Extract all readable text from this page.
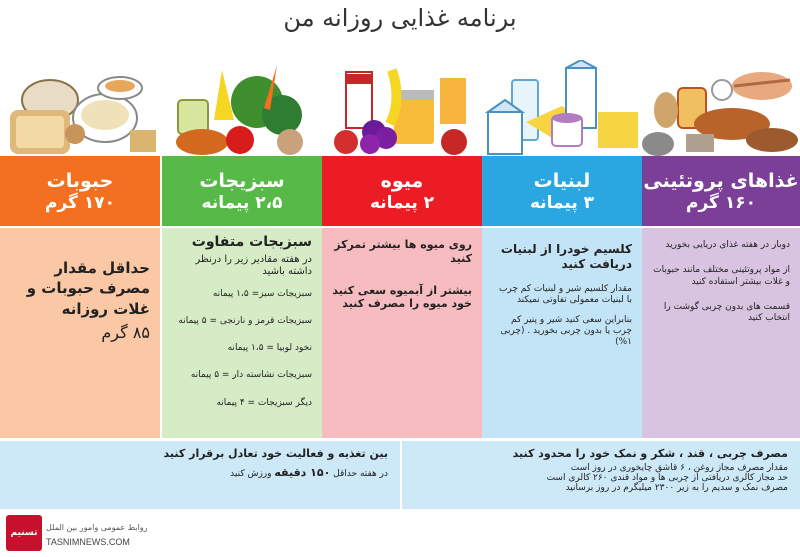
برنامه غذایی روزانه من
حبوبات
۱۷۰ گرم
سبزیجات
۲،۵ پیمانه
میوه
۲ پیمانه
لبنیات
۳ پیمانه
غذاهای پروتئینی
۱۶۰ گرم

حداقل مقدار مصرف حبوبات و غلات روزانه

۸۵ گرم

سبزیجات متفاوت

در هفته مقادیر زیر را درنظر داشته باشید

سبزیجات سبز= ۱،۵ پیمانه

سبزیجات قرمز و نارنجی = ۵ پیمانه

نخود لوبیا = ۱،۵ پیمانه

سبزیجات نشاسته دار = ۵ پیمانه

دیگر سبزیجات = ۴ پیمانه

روی میوه ها بیشتر تمرکز کنید

بیشتر از آبمیوه سعی کنید خود میوه را مصرف کنید

کلسیم خودرا از لبنیات دریافت کنید

مقدار کلسیم شیر و لبنیات کم چرب با لبنیات معمولی تفاوتی نمیکند

بنابراین سعی کنید شیر و پنیر کم چرب یا بدون چربی بخورید . (چربی ۱%)

دوبار در هفته غذای دریایی بخورید

از مواد پروتئینی مختلف مانند حبوبات و غلات بیشتر استفاده کنید

قسمت های بدون چربی گوشت را انتخاب کنید

بین تغذیه و فعالیت خود تعادل برقرار کنید

در هفته حداقل ۱۵۰ دقیقه ورزش کنید

مصرف چربی ، قند ، شکر و نمک خود را محدود کنید

مقدار مصرف مجاز روغن ، ۶ قاشق چایخوری در روز است

حد مجاز کالری دریافتی از چربی ها و مواد قندی ۲۶۰ کالری است

مصرف نمک و سدیم را به زیر ۲۳۰۰ میلیگرم در روز برسانید

تسنیم
روابط عمومی وامور بین الملل
TASNIMNEWS.COM
